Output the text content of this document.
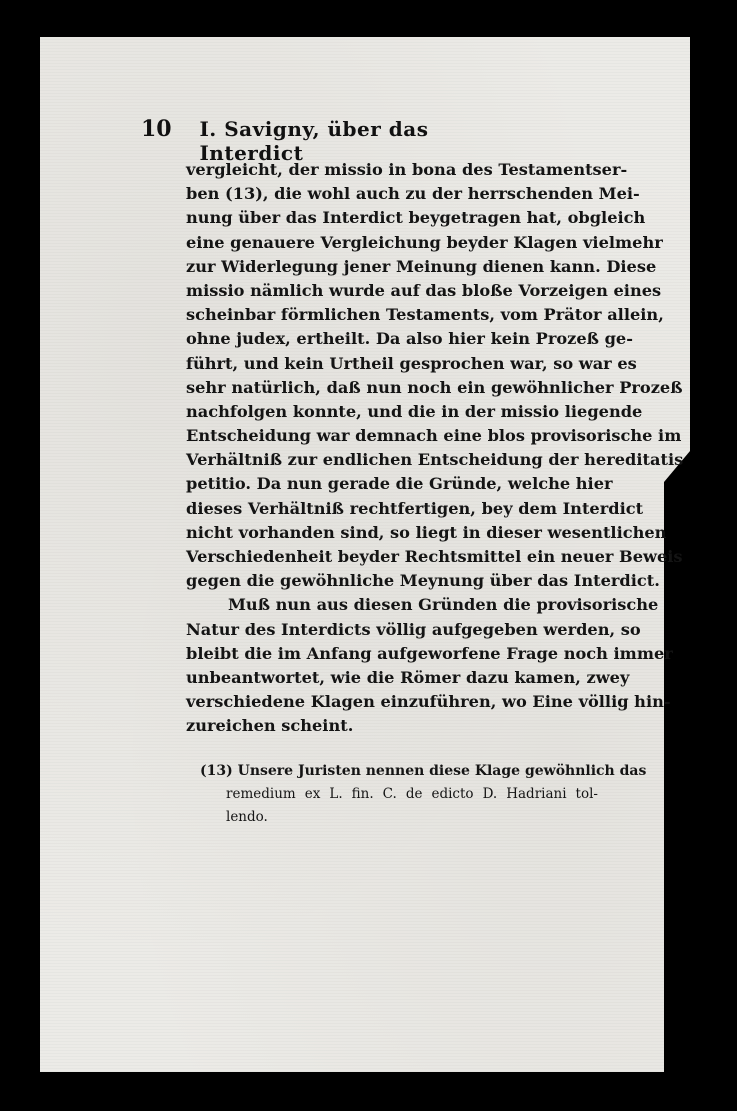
10	I. Savigny, über das Interdict
vergleicht, der missio in bona des Testamentser-
ben (13), die wohl auch zu der herrschenden Mei-
nung über das Interdict beygetragen hat, obgleich
eine genauere Vergleichung beyder Klagen vielmehr
zur Widerlegung jener Meinung dienen kann. Diese
missio nämlich wurde auf das bloße Vorzeigen eines
scheinbar förmlichen Testaments, vom Prätor allein,
ohne judex, ertheilt. Da also hier kein Prozeß ge-
führt, und kein Urtheil gesprochen war, so war es
sehr natürlich, daß nun noch ein gewöhnlicher Prozeß
nachfolgen konnte, und die in der missio liegende
Entscheidung war demnach eine blos provisorische im
Verhältniß zur endlichen Entscheidung der hereditatis
petitio. Da nun gerade die Gründe, welche hier
dieses Verhältniß rechtfertigen, bey dem Interdict
nicht vorhanden sind, so liegt in dieser wesentlichen
Verschiedenheit beyder Rechtsmittel ein neuer Beweis
gegen die gewöhnliche Meynung über das Interdict.
Muß nun aus diesen Gründen die provisorische
Natur des Interdicts völlig aufgegeben werden, so
bleibt die im Anfang aufgeworfene Frage noch immer
unbeantwortet, wie die Römer dazu kamen, zwey
verschiedene Klagen einzuführen, wo Eine völlig hin-
zureichen scheint.
(13) Unsere Juristen nennen diese Klage gewöhnlich das
remedium ex L. fin. C. de edicto D. Hadriani tol-
lendo.
